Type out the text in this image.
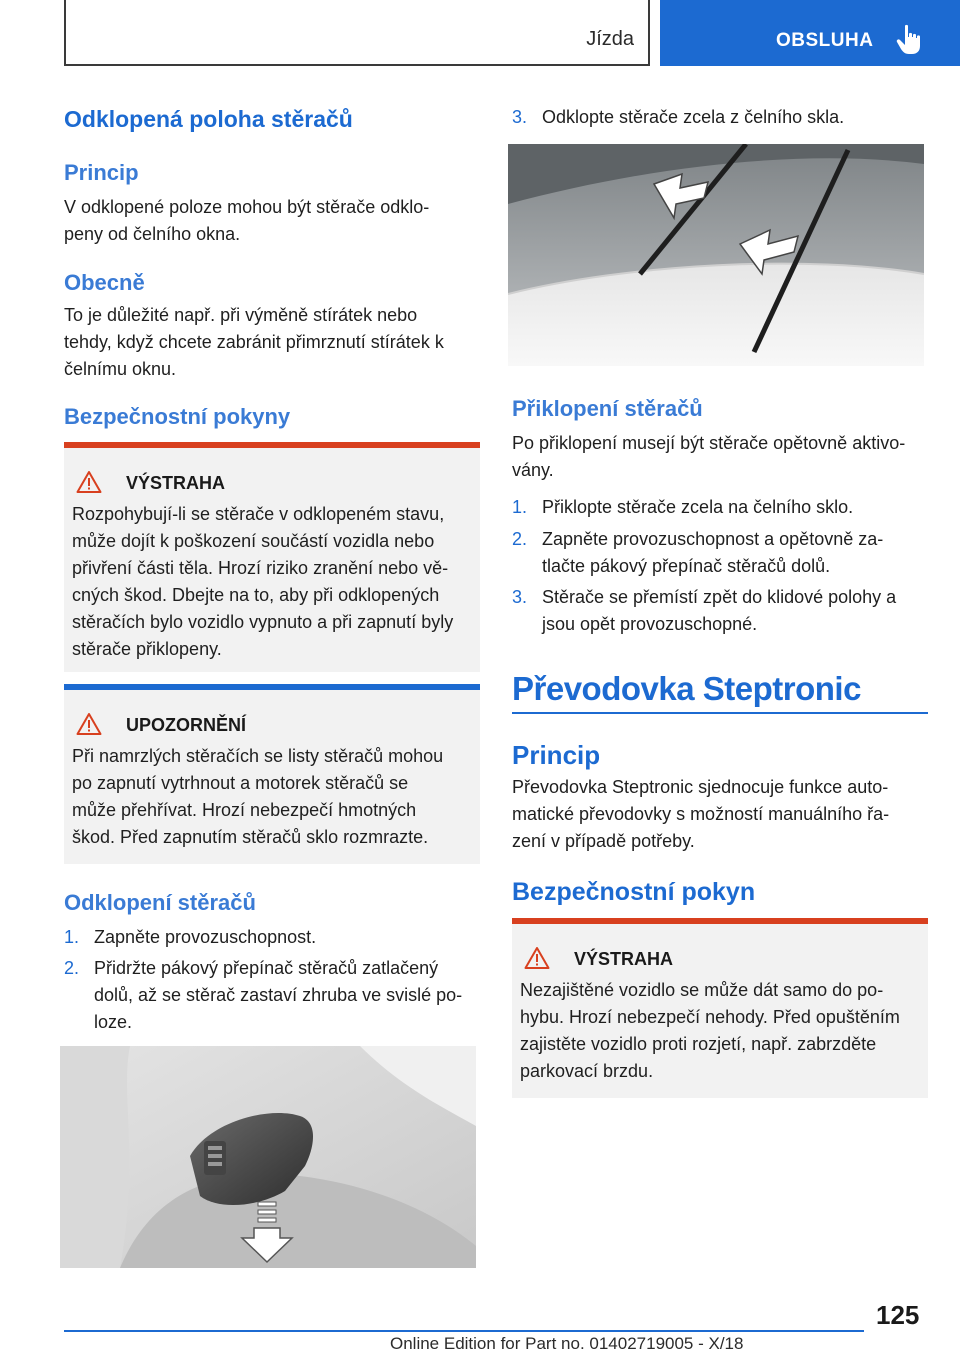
Jízda	OBSLUHA
Odklopená poloha stěračů
Princip
V odklopené poloze mohou být stěrače odklo-
peny od čelního okna.
Obecně
To je důležité např. při výměně stírátek nebo
tehdy, když chcete zabránit přimrznutí stírátek k
čelnímu oknu.
Bezpečnostní pokyny
VÝSTRAHA
Rozpohybují-li se stěrače v odklopeném stavu,
může dojít k poškození součástí vozidla nebo
přivření části těla. Hrozí riziko zranění nebo vě-
cných škod. Dbejte na to, aby při odklopených
stěračích bylo vozidlo vypnuto a při zapnutí byly
stěrače přiklopeny.
UPOZORNĚNÍ
Při namrzlých stěračích se listy stěračů mohou
po zapnutí vytrhnout a motorek stěračů se
může přehřívat. Hrozí nebezpečí hmotných
škod. Před zapnutím stěračů sklo rozmrazte.
Odklopení stěračů
1. Zapněte provozuschopnost.
2. Přidržte pákový přepínač stěračů zatlačený
dolů, až se stěrač zastaví zhruba ve svislé po-
loze.
3. Odklopte stěrače zcela z čelního skla.
Přiklopení stěračů
Po přiklopení musejí být stěrače opětovně aktivo-
vány.
1. Přiklopte stěrače zcela na čelního sklo.
2. Zapněte provozuschopnost a opětovně za-
tlačte pákový přepínač stěračů dolů.
3. Stěrače se přemístí zpět do klidové polohy a
jsou opět provozuschopné.
Převodovka Steptronic
Princip
Převodovka Steptronic sjednocuje funkce auto-
matické převodovky s možností manuálního řa-
zení v případě potřeby.
Bezpečnostní pokyn
VÝSTRAHA
Nezajištěné vozidlo se může dát samo do po-
hybu. Hrozí nebezpečí nehody. Před opuštěním
zajistěte vozidlo proti rozjetí, např. zabrzděte
parkovací brzdu.
125
Online Edition for Part no. 01402719005 - X/18
